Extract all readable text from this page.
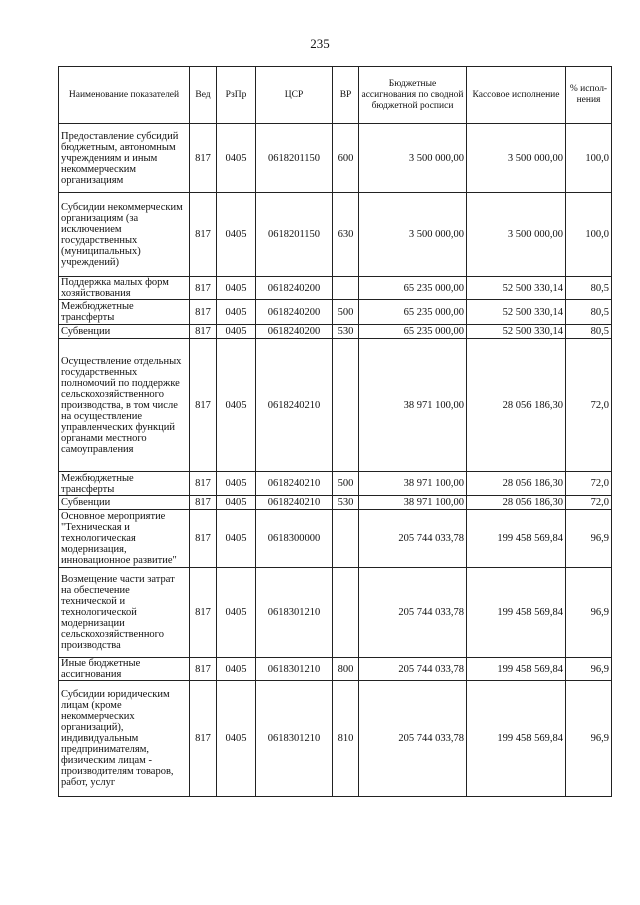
235
Наименование показателей	Вед	РзПр	ЦСР	ВР	Бюджетные ассигнования по сводной бюджетной росписи	Кассовое исполнение	% испол-нения
Предоставление субсидий бюджетным, автономным учреждениям и иным некоммерческим организациям	817	0405	0618201150	600	3 500 000,00	3 500 000,00	100,0
Субсидии некоммерческим организациям (за исключением государственных (муниципальных) учреждений)	817	0405	0618201150	630	3 500 000,00	3 500 000,00	100,0
Поддержка малых форм хозяйствования	817	0405	0618240200		65 235 000,00	52 500 330,14	80,5
Межбюджетные трансферты	817	0405	0618240200	500	65 235 000,00	52 500 330,14	80,5
Субвенции	817	0405	0618240200	530	65 235 000,00	52 500 330,14	80,5
Осуществление отдельных государственных полномочий по поддержке сельскохозяйственного производства, в том числе на осуществление управленческих функций органами местного самоуправления	817	0405	0618240210		38 971 100,00	28 056 186,30	72,0
Межбюджетные трансферты	817	0405	0618240210	500	38 971 100,00	28 056 186,30	72,0
Субвенции	817	0405	0618240210	530	38 971 100,00	28 056 186,30	72,0
Основное мероприятие "Техническая и технологическая модернизация, инновационное развитие"	817	0405	0618300000		205 744 033,78	199 458 569,84	96,9
Возмещение части затрат на обеспечение технической и технологической модернизации сельскохозяйственного производства	817	0405	0618301210		205 744 033,78	199 458 569,84	96,9
Иные бюджетные ассигнования	817	0405	0618301210	800	205 744 033,78	199 458 569,84	96,9
Субсидии юридическим лицам (кроме некоммерческих организаций), индивидуальным предпринимателям, физическим лицам - производителям товаров, работ, услуг	817	0405	0618301210	810	205 744 033,78	199 458 569,84	96,9
